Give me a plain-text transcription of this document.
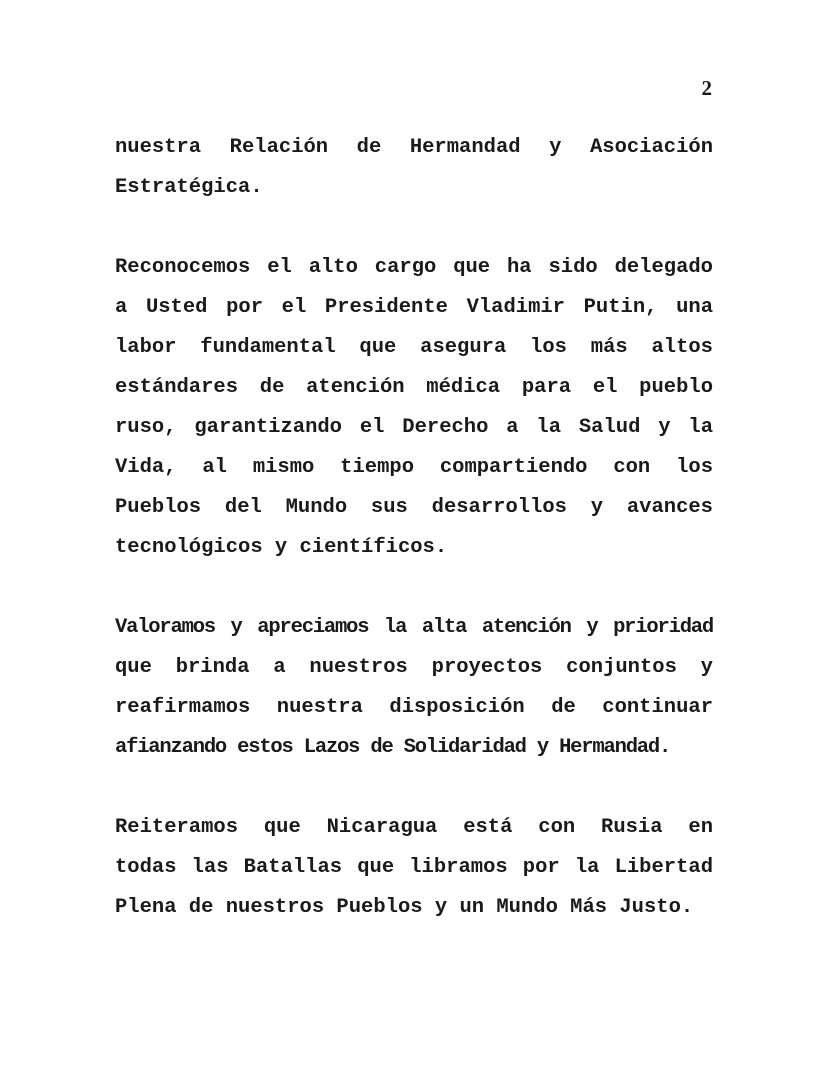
2
nuestra Relación de Hermandad y Asociación
Estratégica.
Reconocemos el alto cargo que ha sido delegado
a Usted por el Presidente Vladimir Putin, una
labor fundamental que asegura los más altos
estándares de atención médica para el pueblo
ruso, garantizando el Derecho a la Salud y la
Vida, al mismo tiempo compartiendo con los
Pueblos del Mundo sus desarrollos y avances
tecnológicos y científicos.
Valoramos y apreciamos la alta atención y prioridad
que brinda a nuestros proyectos conjuntos y
reafirmamos nuestra disposición de continuar
afianzando estos Lazos de Solidaridad y Hermandad.
Reiteramos que Nicaragua está con Rusia en
todas las Batallas que libramos por la Libertad
Plena de nuestros Pueblos y un Mundo Más Justo.
